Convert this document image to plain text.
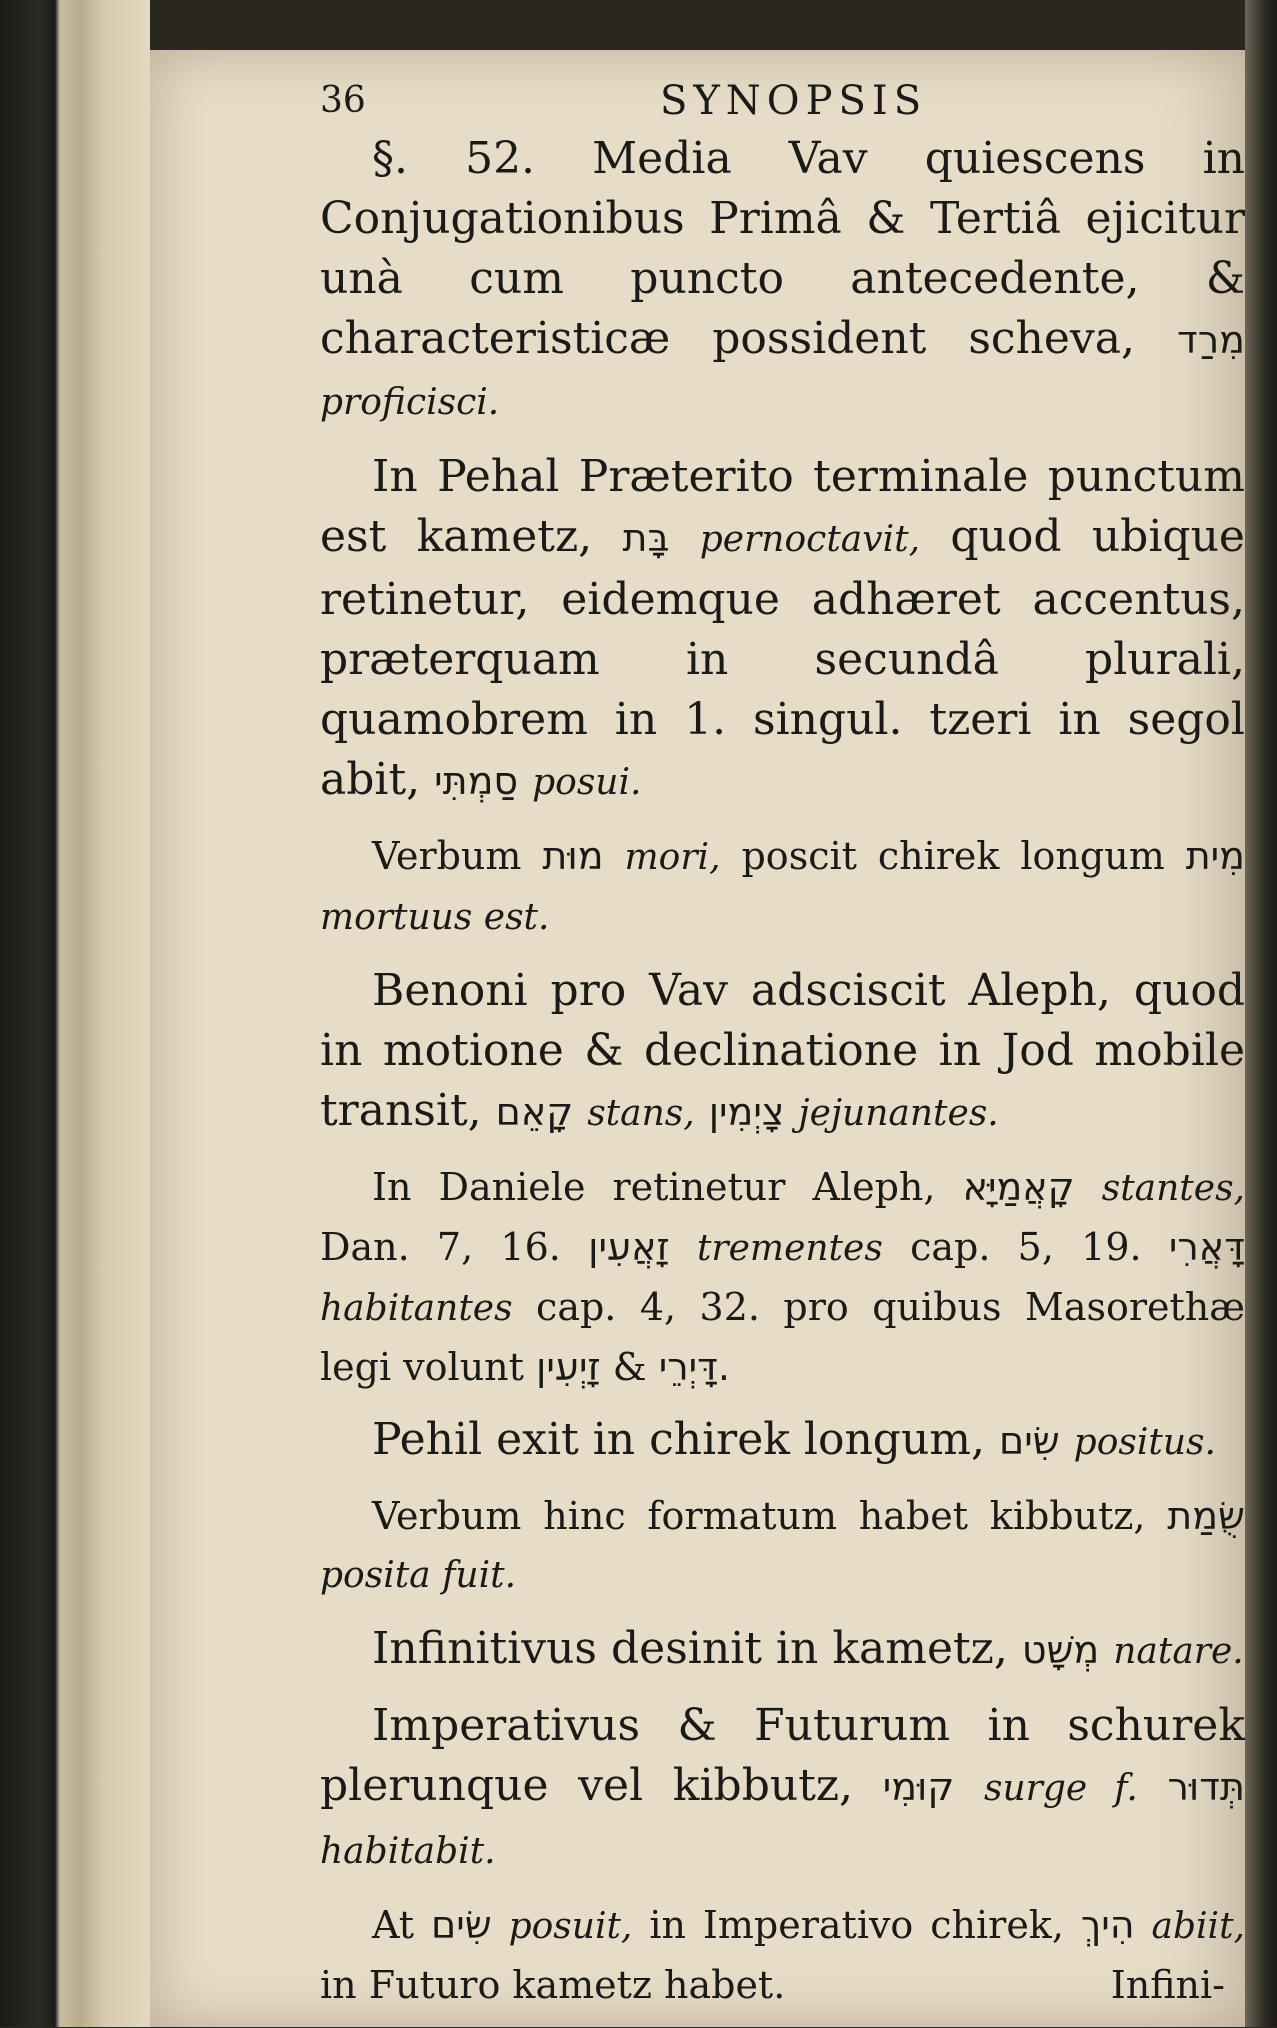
36	SYNOPSIS

§. 52. Media Vav quiescens in Conjugationibus Primâ & Tertiâ ejicitur unà cum puncto antecedente, & characteristicæ possident scheva, מִרַד proficisci.

In Pehal Præterito terminale punctum est kametz, בָּת pernoctavit, quod ubique retinetur, eidemque adhæret accentus, præterquam in secundâ plurali, quamobrem in 1. singul. tzeri in segol abit, סַמְתִּי posui.

Verbum מוּת mori, poscit chirek longum מִית mortuus est.

Benoni pro Vav adsciscit Aleph, quod in motione & declinatione in Jod mobile transit, קָאֵם stans, צָיְמִין jejunantes.

In Daniele retinetur Aleph, קָאֲמַיָּא stantes, Dan. 7, 16. זָאֲעִין trementes cap. 5, 19. דָּאֲרִי habitantes cap. 4, 32. pro quibus Masorethæ legi volunt	דָּיְרֵי & זָיְעִין.

Pehil exit in chirek longum, שִׂים positus.

Verbum hinc formatum habet kibbutz, שֻׂמַת posita fuit.

Infinitivus desinit in kametz, מְשָׁט natare.

Imperativus & Futurum in schurek plerunque vel kibbutz, קוּמִי surge f. תְּדוּר habitabit.

At שִׂים posuit, in Imperativo chirek, הִיךְ abiit, in Futuro kametz habet.	Infini-
